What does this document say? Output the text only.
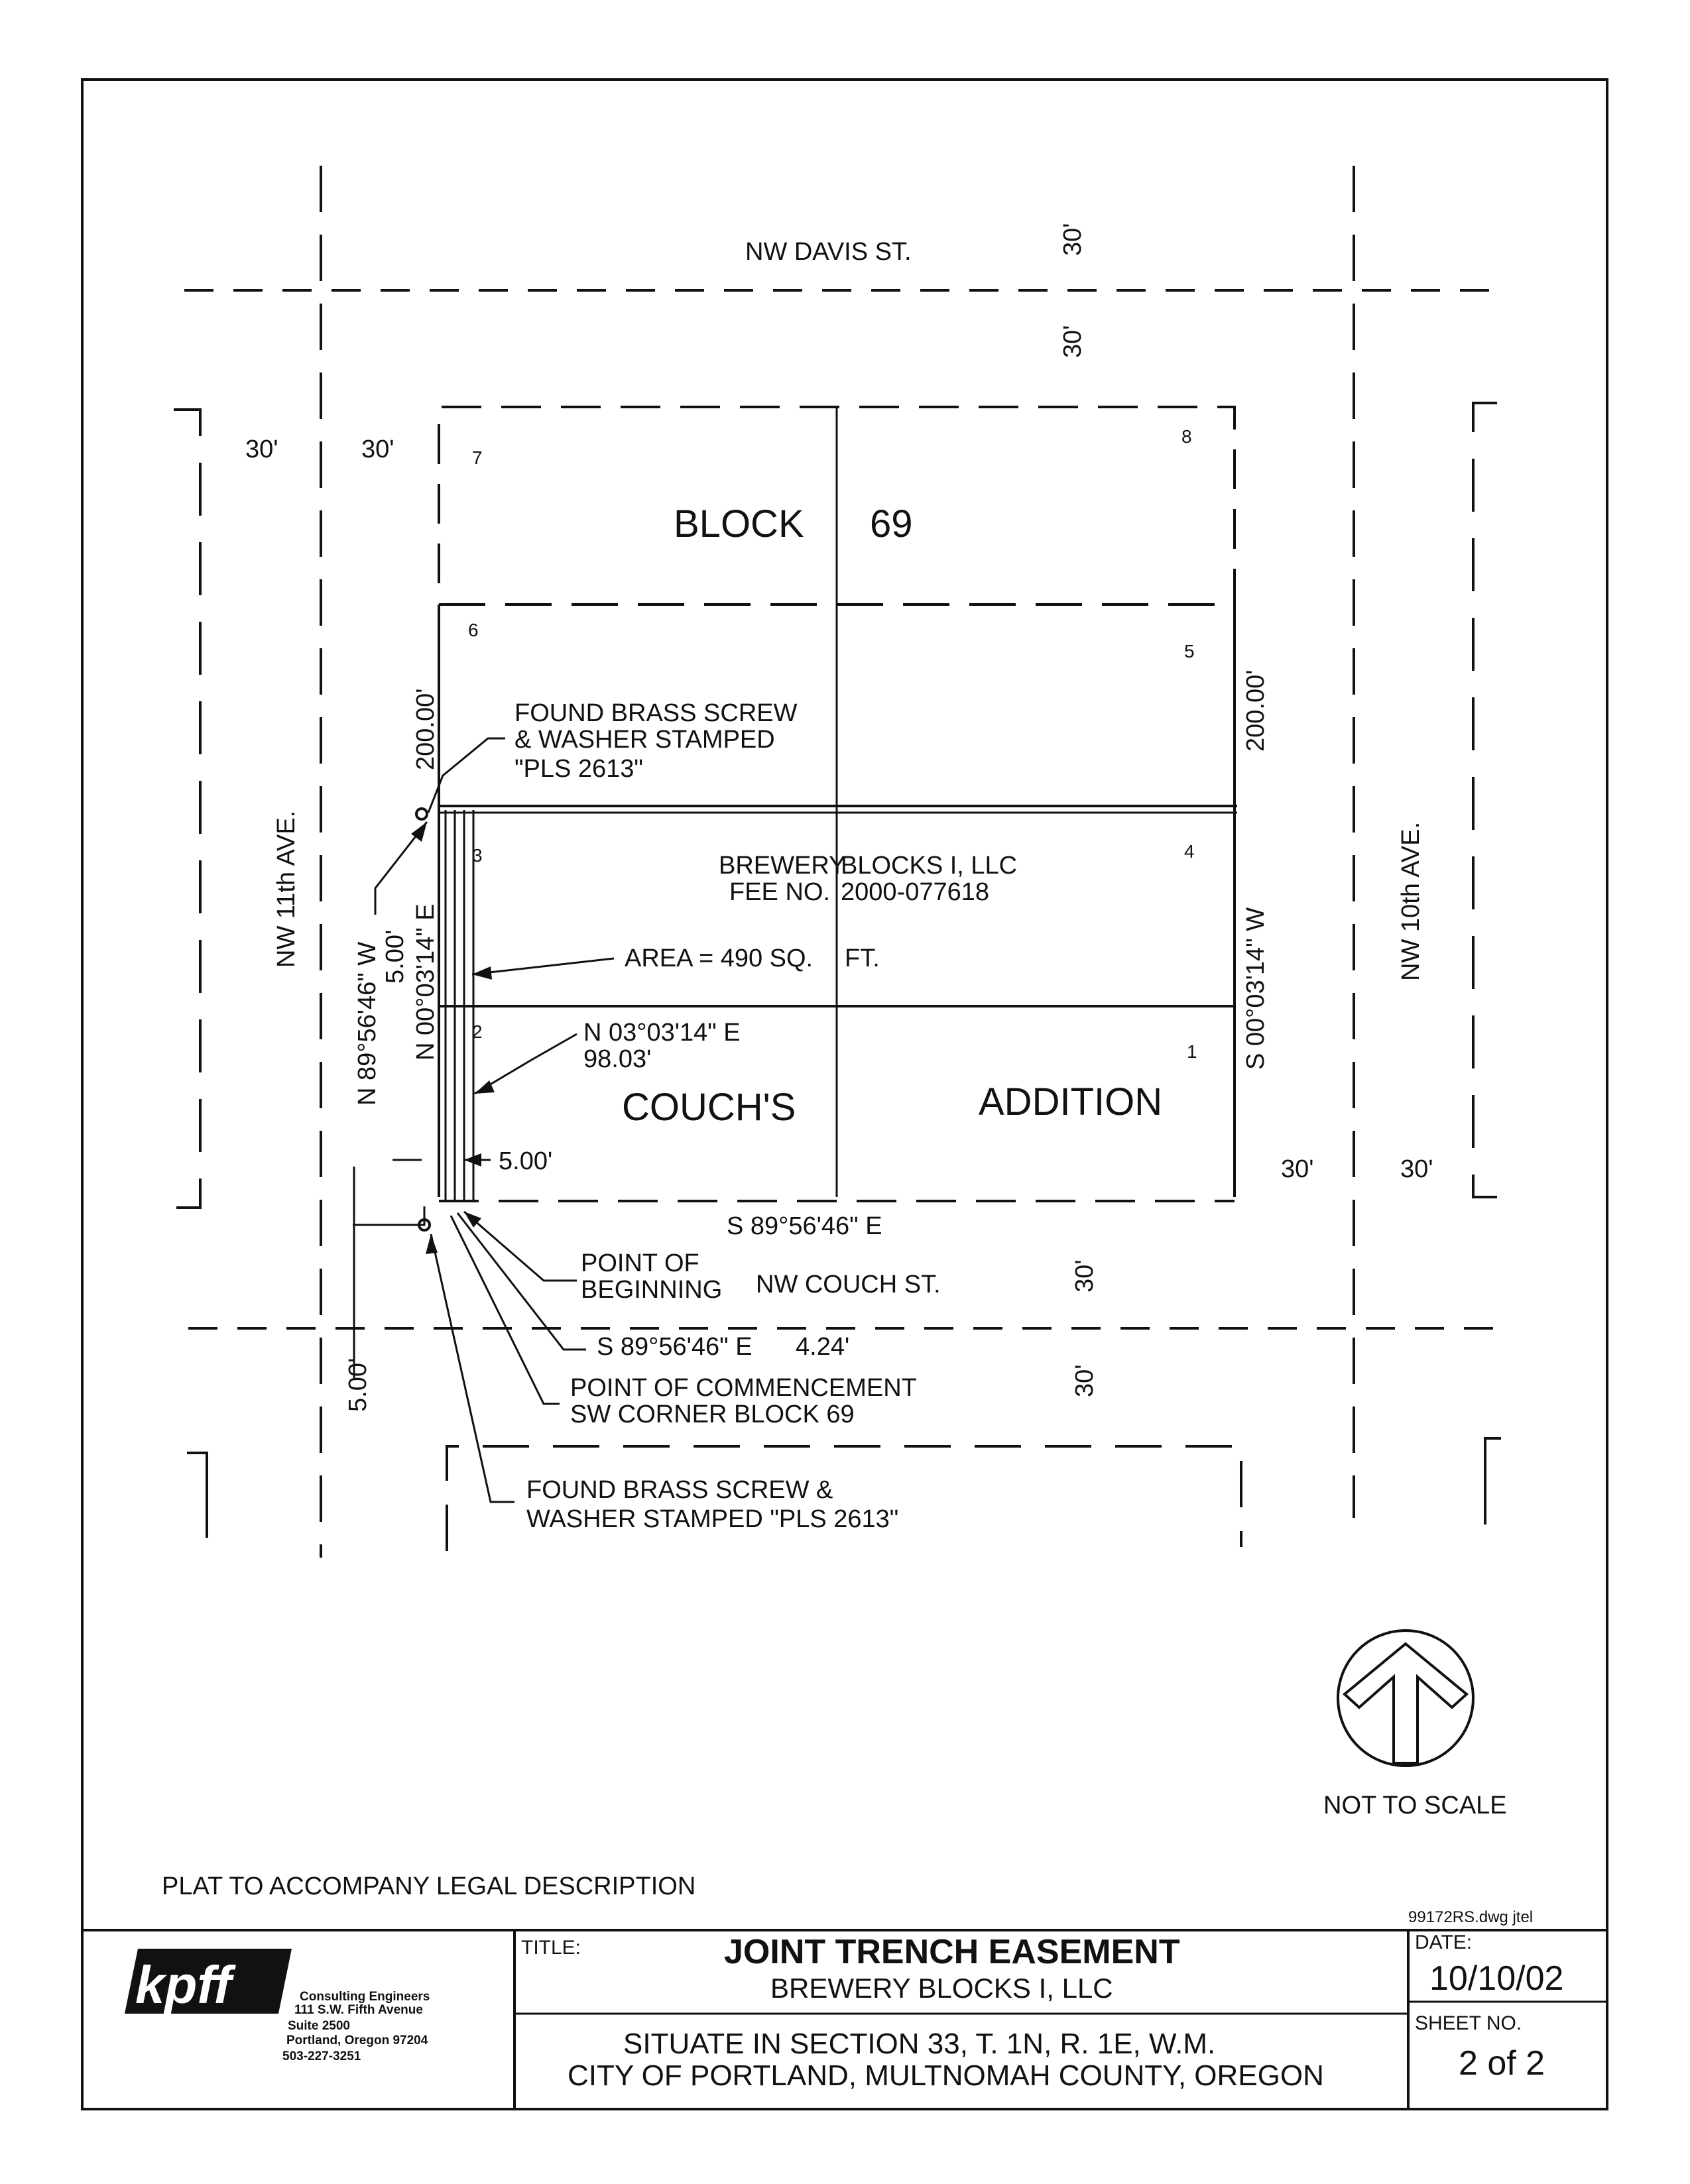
30'
30'
30'
30'
30'	30'
30'	30'
NW DAVIS ST.
NW COUCH ST.
NW 11th AVE.	NW 10th AVE.
BLOCK 69
COUCH'S	ADDITION
1
2
3	4
5
6
7
8
BREWERY
BLOCKS I, LLC
FEE NO. 2000-077618
200.00'	200.00'
N 00°03'14" E	S 00°03'14" W
N 89°56'46" W 5.00'
5.00'
5.00'
S 89°56'46" E
N 03°03'14" E
98.03'
AREA = 490 SQ. FT.
S 89°56'46" E 4.24'
FOUND BRASS SCREW
& WASHER STAMPED
"PLS 2613"
POINT OF
BEGINNING
POINT OF COMMENCEMENT
SW CORNER BLOCK 69
FOUND BRASS SCREW &
WASHER STAMPED "PLS 2613"
NOT TO SCALE
PLAT TO ACCOMPANY LEGAL DESCRIPTION
99172RS.dwg jtel
kpff	Consulting Engineers
111 S.W. Fifth Avenue
Suite 2500
Portland, Oregon 97204
503-227-3251
TITLE:	JOINT TRENCH EASEMENT
BREWERY BLOCKS I, LLC
SITUATE IN SECTION 33, T. 1N, R. 1E, W.M.
CITY OF PORTLAND, MULTNOMAH COUNTY, OREGON
DATE:
10/10/02
SHEET NO.
2 of 2
